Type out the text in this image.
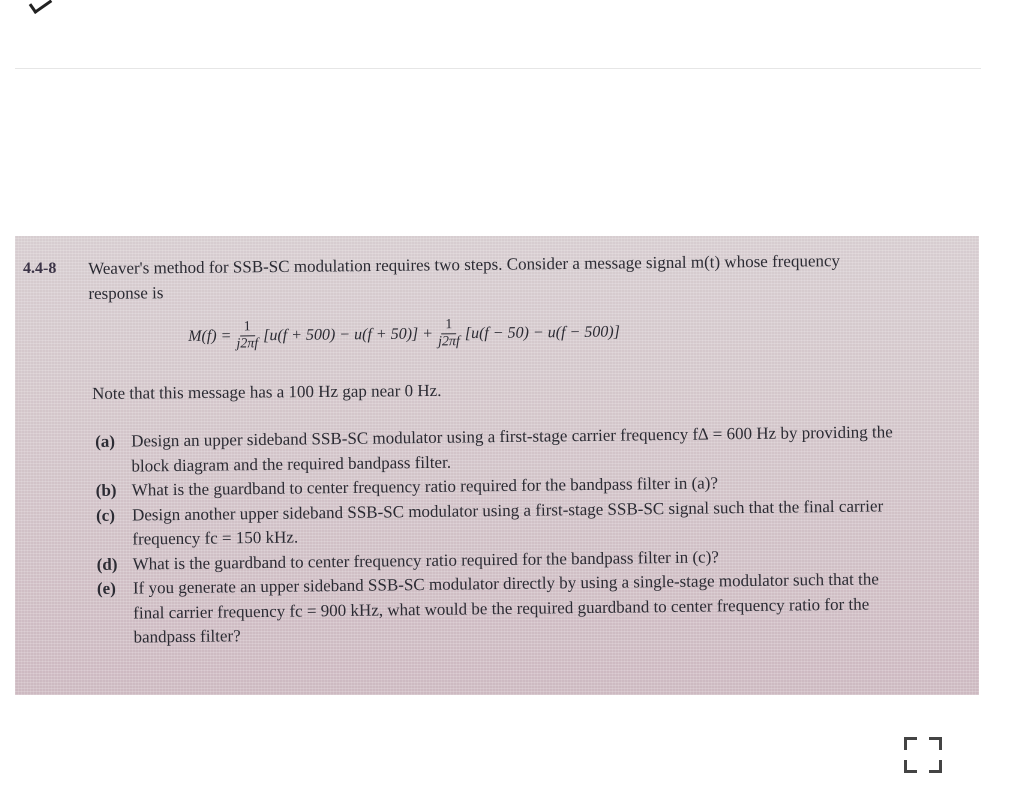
4.4-8 Weaver's method for SSB-SC modulation requires two steps. Consider a message signal m(t) whose frequency response is
$M(f) = \frac{1}{j2\pi f} [u(f + 500) - u(f + 50)] + \frac{1}{j2\pi f} [u(f - 50) - u(f - 500)]$
Note that this message has a 100 Hz gap near 0 Hz.
(a) Design an upper sideband SSB-SC modulator using a first-stage carrier frequency f∆ = 600 Hz by providing the block diagram and the required bandpass filter.
(b) What is the guardband to center frequency ratio required for the bandpass filter in (a)?
(c) Design another upper sideband SSB-SC modulator using a first-stage SSB-SC signal such that the final carrier frequency fc = 150 kHz.
(d) What is the guardband to center frequency ratio required for the bandpass filter in (c)?
(e) If you generate an upper sideband SSB-SC modulator directly by using a single-stage modulator such that the final carrier frequency fc = 900 kHz, what would be the required guardband to center frequency ratio for the bandpass filter?
